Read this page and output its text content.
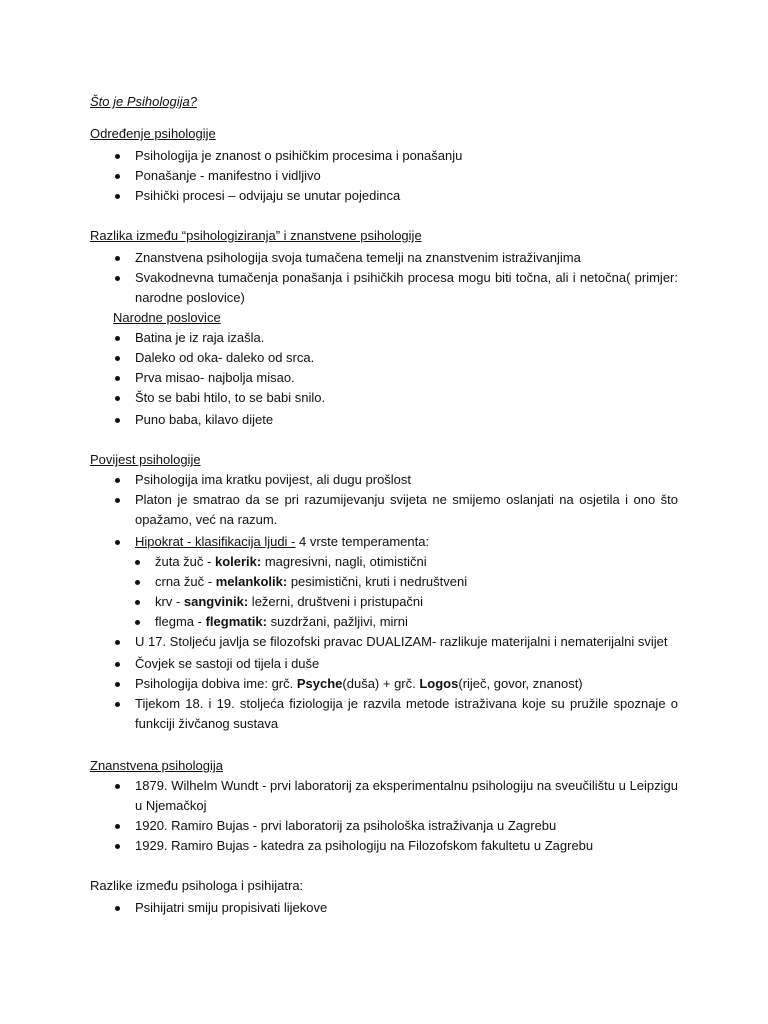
Što je Psihologija?
Određenje psihologije
Psihologija je znanost o psihičkim procesima i ponašanju
Ponašanje - manifestno i vidljivo
Psihički procesi – odvijaju se unutar pojedinca
Razlika između “psihologiziranja” i znanstvene psihologije
Znanstvena psihologija svoja tumačena temelji na znanstvenim istraživanjima
Svakodnevna tumačenja ponašanja i psihičkih procesa mogu biti točna, ali i netočna( primjer: narodne poslovice)
Narodne poslovice
Batina je iz raja izašla.
Daleko od oka- daleko od srca.
Prva misao- najbolja misao.
Što se babi htilo, to se babi snilo.
Puno baba, kilavo dijete
Povijest psihologije
Psihologija ima kratku povijest, ali dugu prošlost
Platon je smatrao da se pri razumijevanju svijeta ne smijemo oslanjati na osjetila i ono što opažamo, već na razum.
Hipokrat - klasifikacija ljudi - 4 vrste temperamenta:
žuta žuč - kolerik: magresivni, nagli, otimistični
crna žuč - melankolik: pesimistični, kruti i nedruštveni
krv - sangvinik: ležerni, društveni i pristupačni
flegma - flegmatik: suzdržani, pažljivi, mirni
U 17. Stoljeću javlja se filozofski pravac DUALIZAM- razlikuje materijalni i nematerijalni svijet
Čovjek se sastoji od tijela i duše
Psihologija dobiva ime: grč. Psyche(duša) + grč. Logos(riječ, govor, znanost)
Tijekom 18. i 19. stoljeća fiziologija je razvila metode istraživana koje su pružile spoznaje o funkciji živčanog sustava
Znanstvena psihologija
1879. Wilhelm Wundt - prvi laboratorij za eksperimentalnu psihologiju na sveučilištu u Leipzigu u Njemačkoj
1920. Ramiro Bujas - prvi laboratorij za psihološka istraživanja u Zagrebu
1929. Ramiro Bujas - katedra za psihologiju na Filozofskom fakultetu u Zagrebu
Razlike između psihologa i psihijatra:
Psihijatri smiju propisivati lijekove
